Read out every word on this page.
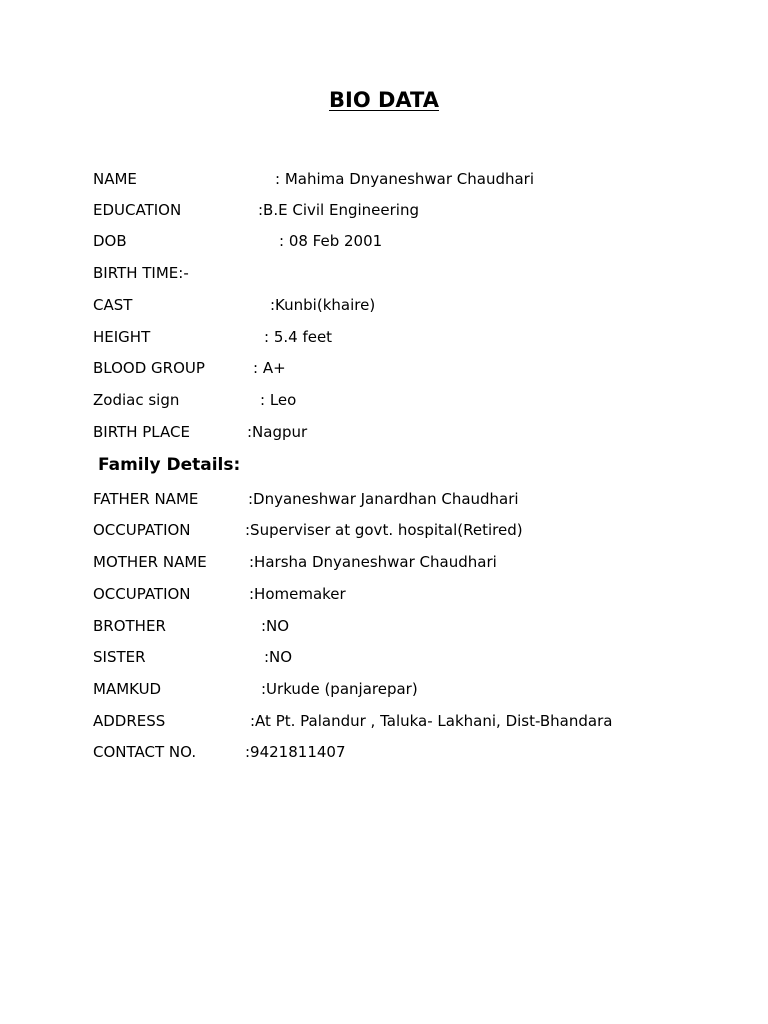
BIO DATA
NAME	: Mahima Dnyaneshwar Chaudhari
EDUCATION	:B.E Civil Engineering
DOB	: 08 Feb 2001
BIRTH TIME:-
CAST	:Kunbi(khaire)
HEIGHT	: 5.4 feet
BLOOD GROUP	: A+
Zodiac sign	: Leo
BIRTH PLACE	:Nagpur
Family Details:
FATHER NAME	:Dnyaneshwar Janardhan Chaudhari
OCCUPATION	:Superviser at govt. hospital(Retired)
MOTHER NAME	:Harsha Dnyaneshwar Chaudhari
OCCUPATION	:Homemaker
BROTHER	:NO
SISTER	:NO
MAMKUD	:Urkude (panjarepar)
ADDRESS	:At Pt. Palandur , Taluka- Lakhani, Dist-Bhandara
CONTACT NO.	:9421811407
